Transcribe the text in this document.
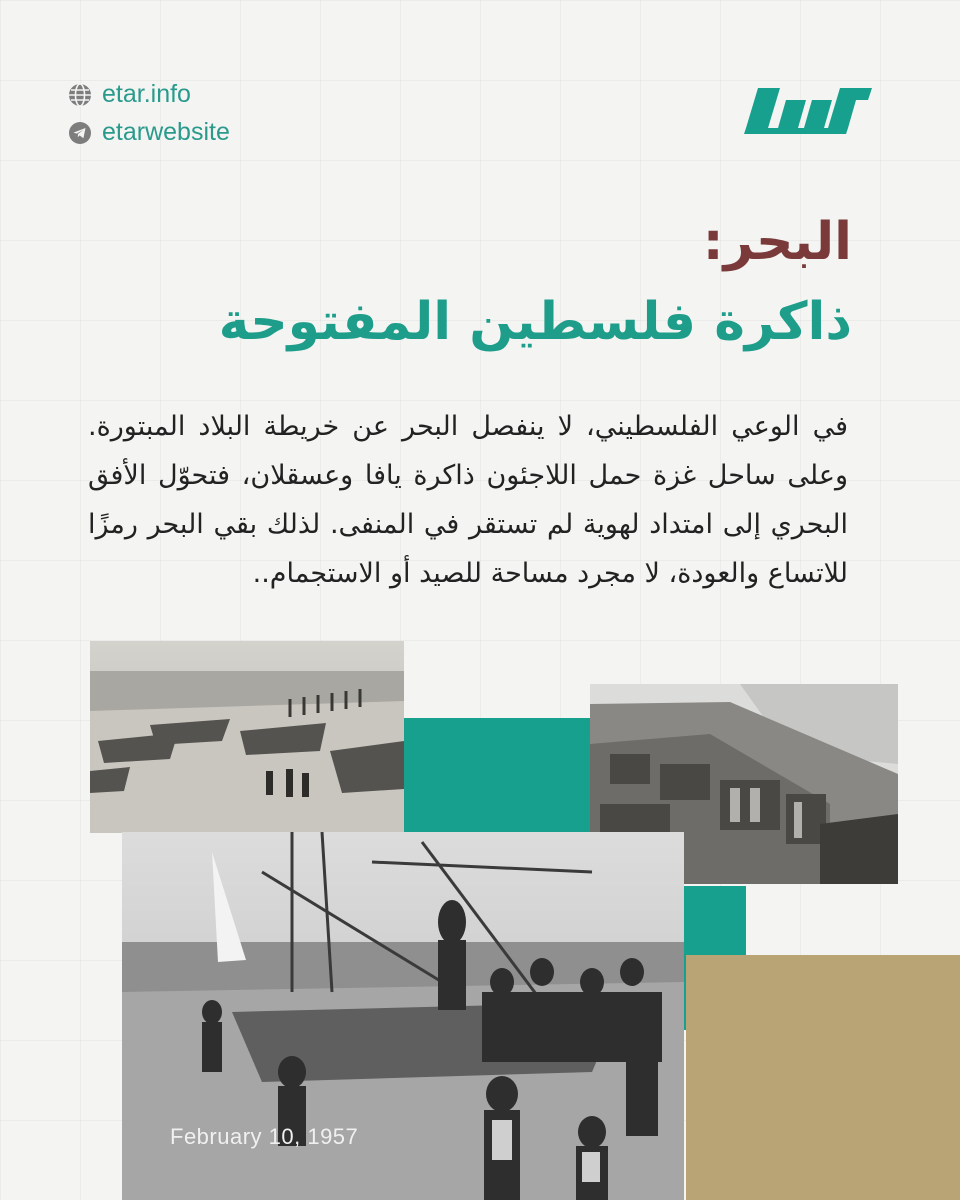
etar.info
etarwebsite
البحر:
ذاكرة فلسطين المفتوحة
في الوعي الفلسطيني، لا ينفصل البحر عن خريطة البلاد المبتورة. وعلى ساحل غزة حمل اللاجئون ذاكرة يافا وعسقلان، فتحوّل الأفق البحري إلى امتداد لهوية لم تستقر في المنفى. لذلك بقي البحر رمزًا للاتساع والعودة، لا مجرد مساحة للصيد أو الاستجمام..
February 10, 1957
